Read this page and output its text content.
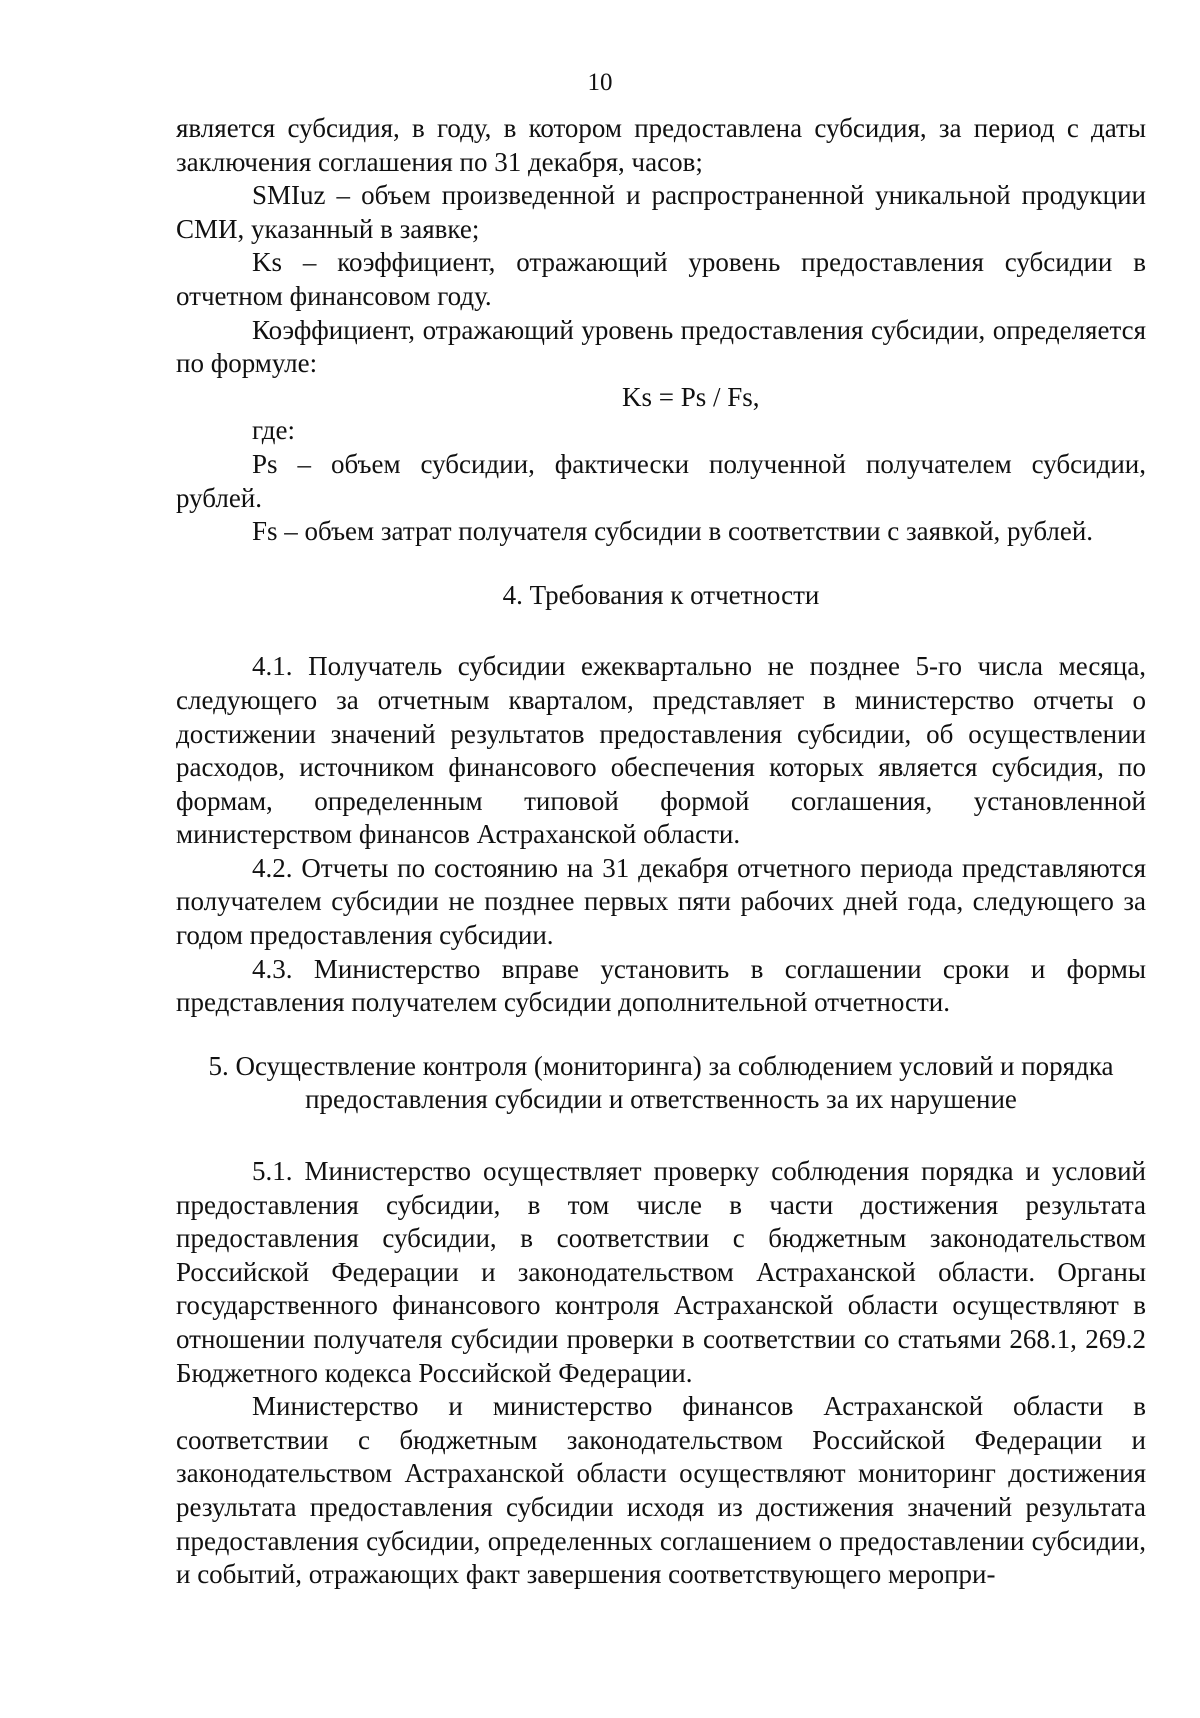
10

является субсидия, в году, в котором предоставлена субсидия, за период с даты заключения соглашения по 31 декабря, часов;

SMIuz – объем произведенной и распространенной уникальной продукции СМИ, указанный в заявке;

Ks – коэффициент, отражающий уровень предоставления субсидии в отчетном финансовом году.

Коэффициент, отражающий уровень предоставления субсидии, определяется по формуле:

Ks = Ps / Fs,

где:

Ps – объем субсидии, фактически полученной получателем субсидии, рублей.

Fs – объем затрат получателя субсидии в соответствии с заявкой, рублей.

4. Требования к отчетности

4.1. Получатель субсидии ежеквартально не позднее 5-го числа месяца, следующего за отчетным кварталом, представляет в министерство отчеты о достижении значений результатов предоставления субсидии, об осуществлении расходов, источником финансового обеспечения которых является субсидия, по формам, определенным типовой формой соглашения, установленной министерством финансов Астраханской области.

4.2. Отчеты по состоянию на 31 декабря отчетного периода представляются получателем субсидии не позднее первых пяти рабочих дней года, следующего за годом предоставления субсидии.

4.3. Министерство вправе установить в соглашении сроки и формы представления получателем субсидии дополнительной отчетности.

5. Осуществление контроля (мониторинга) за соблюдением условий и порядка
предоставления субсидии и ответственность за их нарушение

5.1. Министерство осуществляет проверку соблюдения порядка и условий предоставления субсидии, в том числе в части достижения результата предоставления субсидии, в соответствии с бюджетным законодательством Российской Федерации и законодательством Астраханской области. Органы государственного финансового контроля Астраханской области осуществляют в отношении получателя субсидии проверки в соответствии со статьями 268.1, 269.2 Бюджетного кодекса Российской Федерации.

Министерство и министерство финансов Астраханской области в соответствии с бюджетным законодательством Российской Федерации и законодательством Астраханской области осуществляют мониторинг достижения результата предоставления субсидии исходя из достижения значений результата предоставления субсидии, определенных соглашением о предоставлении субсидии, и событий, отражающих факт завершения соответствующего меропри-
